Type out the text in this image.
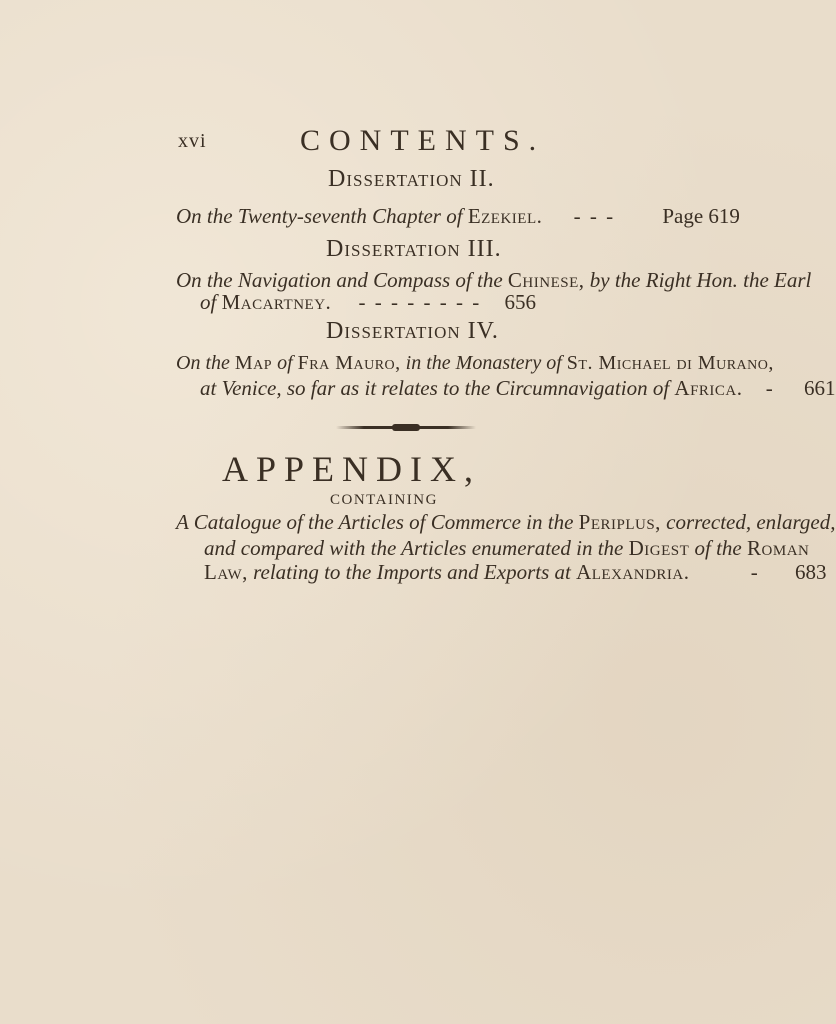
xvi	CONTENTS.
Dissertation II.
On the Twenty-seventh Chapter of Ezekiel. - - - Page 619
Dissertation III.
On the Navigation and Compass of the Chinese, by the Right Hon. the Earl
of Macartney. - - - - - - - - 656
Dissertation IV.
On the Map of Fra Mauro, in the Monastery of St. Michael di Murano,
at Venice, so far as it relates to the Circumnavigation of Africa. - 661
APPENDIX,
CONTAINING
A Catalogue of the Articles of Commerce in the Periplus, corrected, enlarged,
and compared with the Articles enumerated in the Digest of the Roman
Law, relating to the Imports and Exports at Alexandria.	- 683
